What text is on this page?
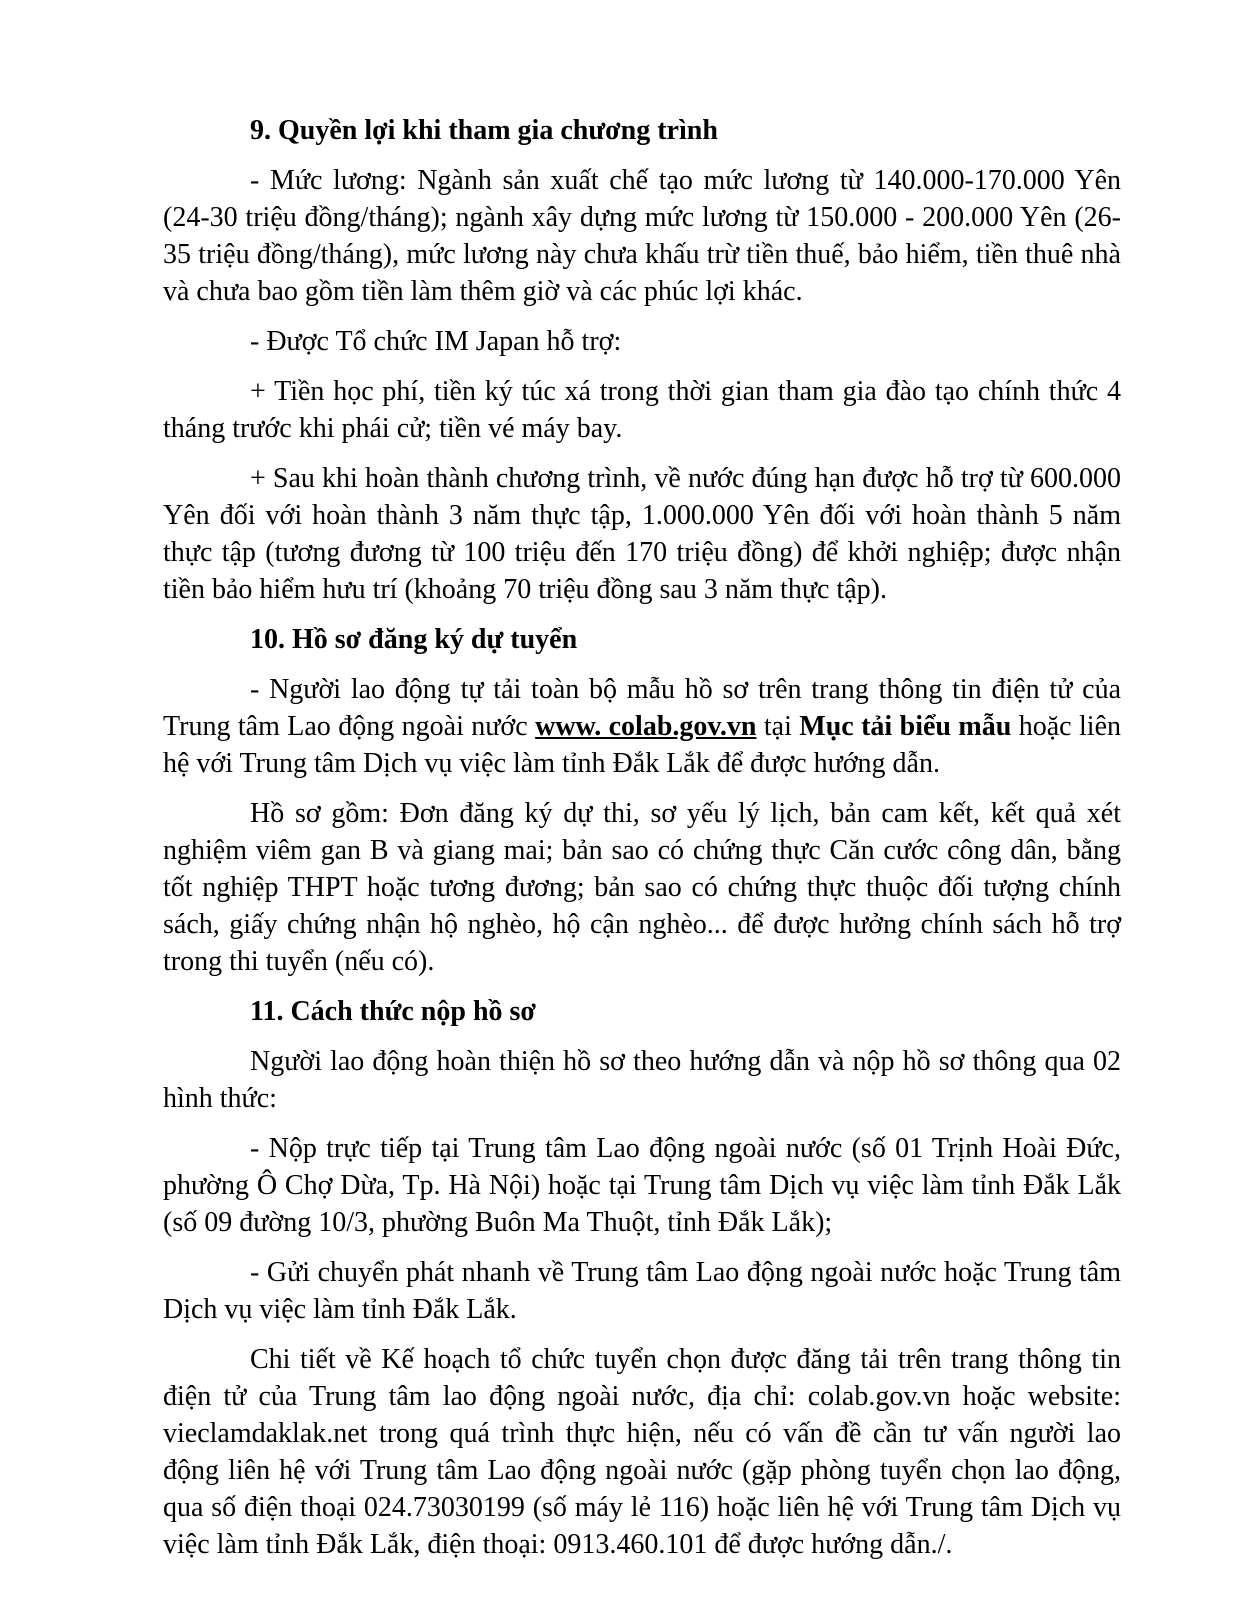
9. Quyền lợi khi tham gia chương trình

- Mức lương: Ngành sản xuất chế tạo mức lương từ 140.000-170.000 Yên (24-30 triệu đồng/tháng); ngành xây dựng mức lương từ 150.000 - 200.000 Yên (26-35 triệu đồng/tháng), mức lương này chưa khấu trừ tiền thuế, bảo hiểm, tiền thuê nhà và chưa bao gồm tiền làm thêm giờ và các phúc lợi khác.

- Được Tổ chức IM Japan hỗ trợ:

+ Tiền học phí, tiền ký túc xá trong thời gian tham gia đào tạo chính thức 4 tháng trước khi phái cử; tiền vé máy bay.

+ Sau khi hoàn thành chương trình, về nước đúng hạn được hỗ trợ từ 600.000 Yên đối với hoàn thành 3 năm thực tập, 1.000.000 Yên đối với hoàn thành 5 năm thực tập (tương đương từ 100 triệu đến 170 triệu đồng) để khởi nghiệp; được nhận tiền bảo hiểm hưu trí (khoảng 70 triệu đồng sau 3 năm thực tập).

10. Hồ sơ đăng ký dự tuyển

- Người lao động tự tải toàn bộ mẫu hồ sơ trên trang thông tin điện tử của Trung tâm Lao động ngoài nước www. colab.gov.vn tại Mục tải biểu mẫu hoặc liên hệ với Trung tâm Dịch vụ việc làm tỉnh Đắk Lắk để được hướng dẫn.

Hồ sơ gồm: Đơn đăng ký dự thi, sơ yếu lý lịch, bản cam kết, kết quả xét nghiệm viêm gan B và giang mai; bản sao có chứng thực Căn cước công dân, bằng tốt nghiệp THPT hoặc tương đương; bản sao có chứng thực thuộc đối tượng chính sách, giấy chứng nhận hộ nghèo, hộ cận nghèo... để được hưởng chính sách hỗ trợ trong thi tuyển (nếu có).

11. Cách thức nộp hồ sơ

Người lao động hoàn thiện hồ sơ theo hướng dẫn và nộp hồ sơ thông qua 02 hình thức:

- Nộp trực tiếp tại Trung tâm Lao động ngoài nước (số 01 Trịnh Hoài Đức, phường Ô Chợ Dừa, Tp. Hà Nội) hoặc tại Trung tâm Dịch vụ việc làm tỉnh Đắk Lắk (số 09 đường 10/3, phường Buôn Ma Thuột, tỉnh Đắk Lắk);

- Gửi chuyển phát nhanh về Trung tâm Lao động ngoài nước hoặc Trung tâm Dịch vụ việc làm tỉnh Đắk Lắk.

Chi tiết về Kế hoạch tổ chức tuyển chọn được đăng tải trên trang thông tin điện tử của Trung tâm lao động ngoài nước, địa chỉ: colab.gov.vn hoặc website: vieclamdaklak.net trong quá trình thực hiện, nếu có vấn đề cần tư vấn người lao động liên hệ với Trung tâm Lao động ngoài nước (gặp phòng tuyển chọn lao động, qua số điện thoại 024.73030199 (số máy lẻ 116) hoặc liên hệ với Trung tâm Dịch vụ việc làm tỉnh Đắk Lắk, điện thoại: 0913.460.101 để được hướng dẫn./.
